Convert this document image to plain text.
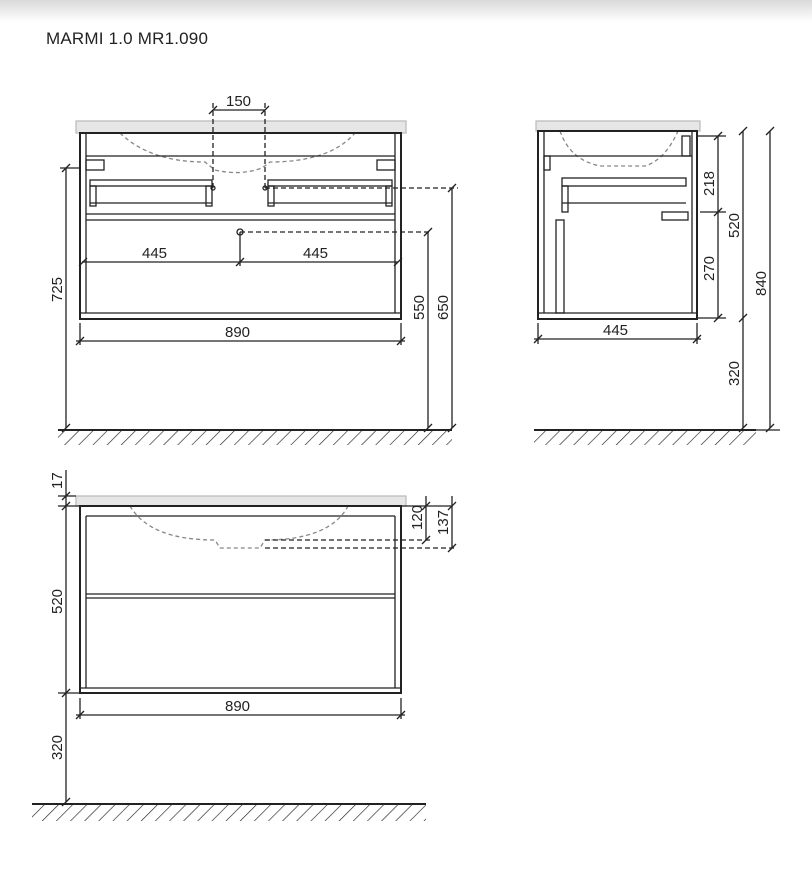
MARMI 1.0 MR1.090
150
445	445
890
725
550 650
218
270
520
320
840
445
17
120 137
520
890
320
